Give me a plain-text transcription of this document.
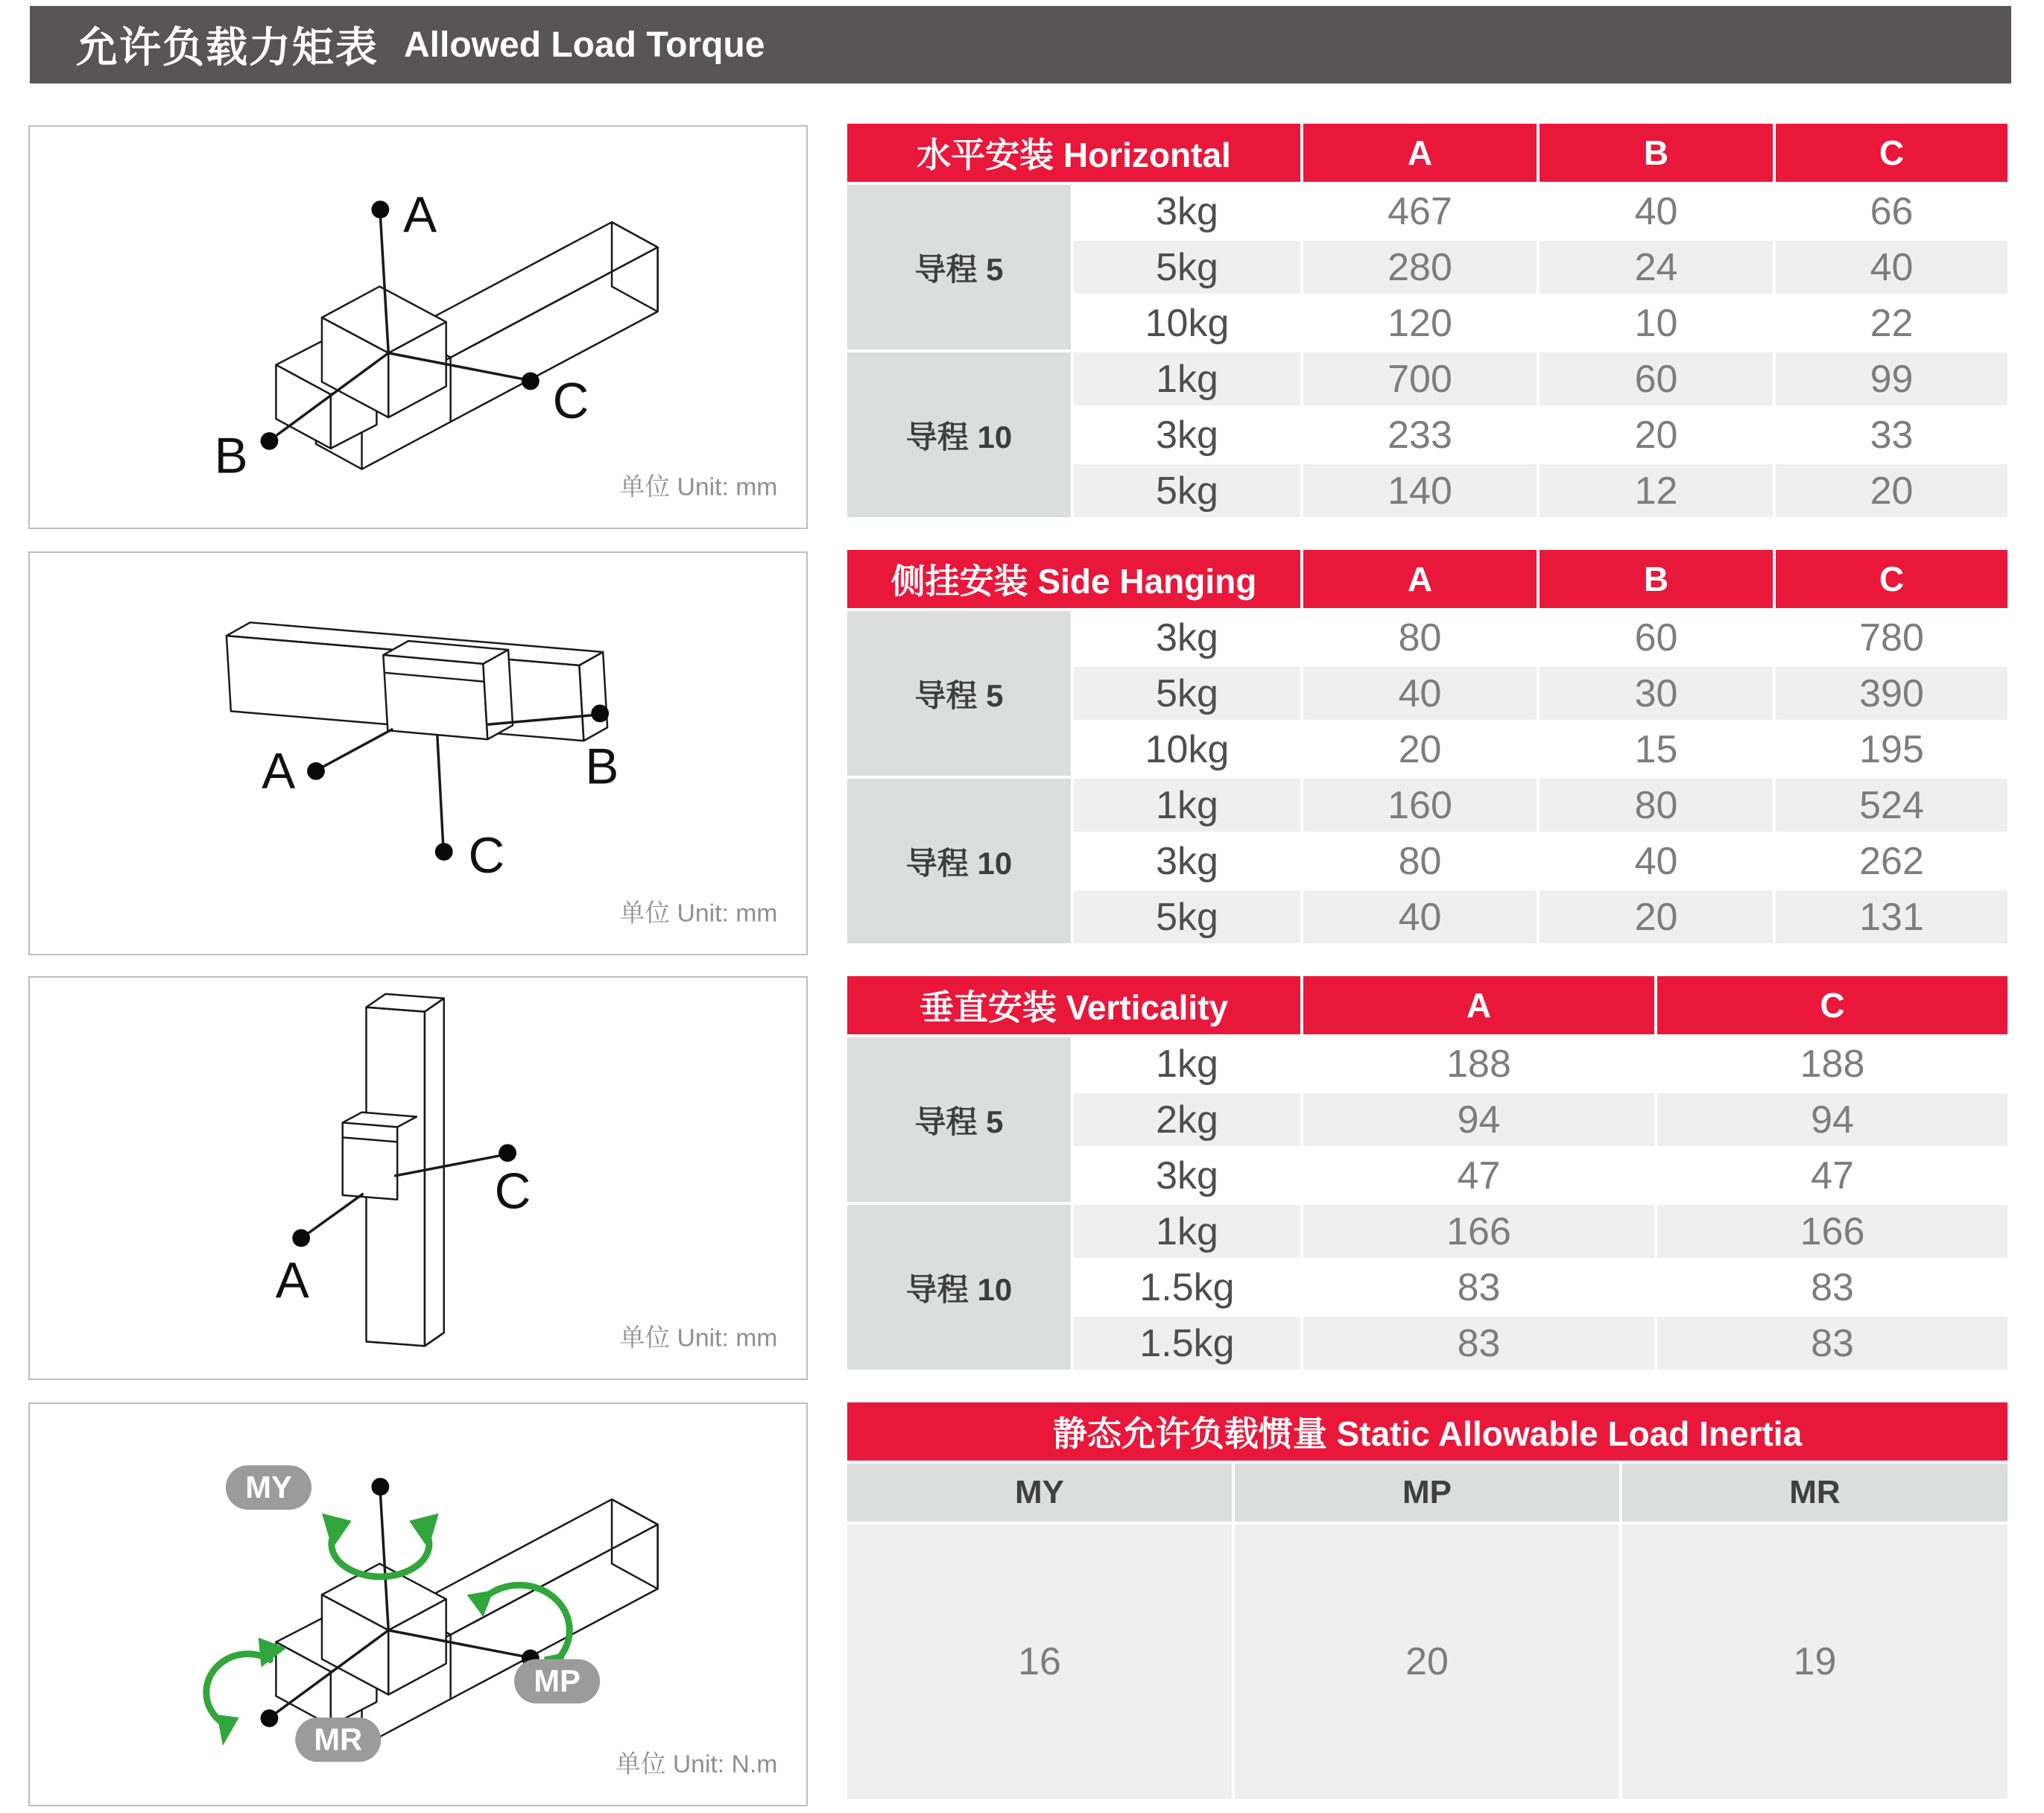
允许负载力矩表 Allowed Load Torque
A
B
C
单位 Unit: mm
A	B
C
单位 Unit: mm
A
C
单位 Unit: mm
MY
MP
MR
单位 Unit: N.m
水平安装 Horizontal	A	B	C
导程 5
3kg	467	40	66
5kg	280	24	40
10kg	120	10	22
导程 10
1kg	700	60	99
3kg	233	20	33
5kg	140	12	20
侧挂安装 Side Hanging	A	B	C
导程 5
3kg	80	60	780
5kg	40	30	390
10kg	20	15	195
导程 10
1kg	160	80	524
3kg	80	40	262
5kg	40	20	131
垂直安装 Verticality	A	C
导程 5
1kg	188	188
2kg	94	94
3kg	47	47
导程 10
1kg	166	166
1.5kg	83	83
1.5kg	83	83
静态允许负载惯量 Static Allowable Load Inertia
MY	MP	MR
16	20	19
